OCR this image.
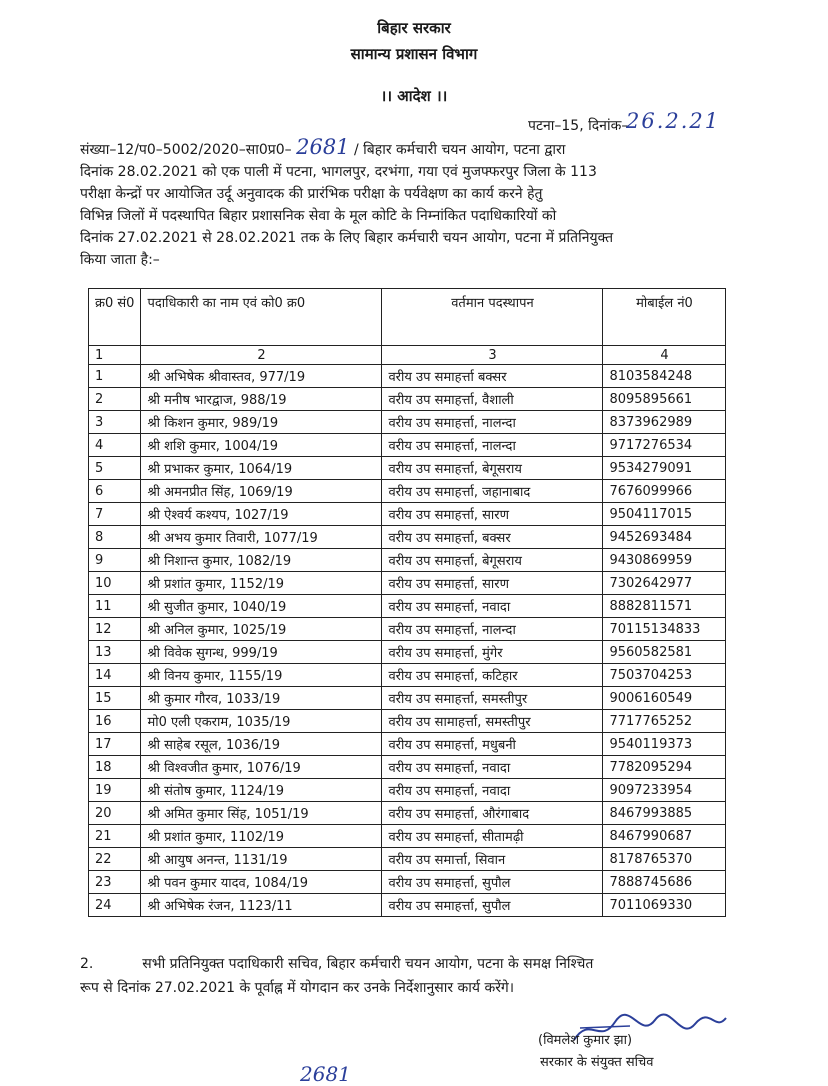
बिहार सरकार
सामान्य प्रशासन विभाग
।। आदेश ।।
पटना–15, दिनांक–
26.2.21
संख्या–12/प0–5002/2020–सा0प्र0– 2681 / बिहार कर्मचारी चयन आयोग, पटना द्वारा
दिनांक 28.02.2021 को एक पाली में पटना, भागलपुर, दरभंगा, गया एवं मुजफ्फरपुर जिला के 113
परीक्षा केन्द्रों पर आयोजित उर्दू अनुवादक की प्रारंभिक परीक्षा के पर्यवेक्षण का कार्य करने हेतु
विभिन्न जिलों में पदस्थापित बिहार प्रशासनिक सेवा के मूल कोटि के निम्नांकित पदाधिकारियों को
दिनांक 27.02.2021 से 28.02.2021 तक के लिए बिहार कर्मचारी चयन आयोग, पटना में प्रतिनियुक्त
किया जाता है:–
क्र0 सं0	पदाधिकारी का नाम एवं को0 क्र0	वर्तमान पदस्थापन	मोबाईल नं0
1	2	3	4
1	श्री अभिषेक श्रीवास्तव, 977/19	वरीय उप समाहर्त्ता बक्सर	8103584248
2	श्री मनीष भारद्वाज, 988/19	वरीय उप समाहर्त्ता, वैशाली	8095895661
3	श्री किशन कुमार, 989/19	वरीय उप समाहर्त्ता, नालन्दा	8373962989
4	श्री शशि कुमार, 1004/19	वरीय उप समाहर्त्ता, नालन्दा	9717276534
5	श्री प्रभाकर कुमार, 1064/19	वरीय उप समाहर्त्ता, बेगूसराय	9534279091
6	श्री अमनप्रीत सिंह, 1069/19	वरीय उप समाहर्त्ता, जहानाबाद	7676099966
7	श्री ऐश्वर्य कश्यप, 1027/19	वरीय उप समाहर्त्ता, सारण	9504117015
8	श्री अभय कुमार तिवारी, 1077/19	वरीय उप समाहर्त्ता, बक्सर	9452693484
9	श्री निशान्त कुमार, 1082/19	वरीय उप समाहर्त्ता, बेगूसराय	9430869959
10	श्री प्रशांत कुमार, 1152/19	वरीय उप समाहर्त्ता, सारण	7302642977
11	श्री सुजीत कुमार, 1040/19	वरीय उप समाहर्त्ता, नवादा	8882811571
12	श्री अनिल कुमार, 1025/19	वरीय उप समाहर्त्ता, नालन्दा	70115134833
13	श्री विवेक सुगन्ध, 999/19	वरीय उप समाहर्त्ता, मुंगेर	9560582581
14	श्री विनय कुमार, 1155/19	वरीय उप समाहर्त्ता, कटिहार	7503704253
15	श्री कुमार गौरव, 1033/19	वरीय उप समाहर्त्ता, समस्तीपुर	9006160549
16	मो0 एली एकराम, 1035/19	वरीय उप सामाहर्त्ता, समस्तीपुर	7717765252
17	श्री साहेब रसूल, 1036/19	वरीय उप समाहर्त्ता, मधुबनी	9540119373
18	श्री विश्वजीत कुमार, 1076/19	वरीय उप समाहर्त्ता, नवादा	7782095294
19	श्री संतोष कुमार, 1124/19	वरीय उप समाहर्त्ता, नवादा	9097233954
20	श्री अमित कुमार सिंह, 1051/19	वरीय उप समाहर्त्ता, औरंगाबाद	8467993885
21	श्री प्रशांत कुमार, 1102/19	वरीय उप समाहर्त्ता, सीतामढ़ी	8467990687
22	श्री आयुष अनन्त, 1131/19	वरीय उप समार्त्ता, सिवान	8178765370
23	श्री पवन कुमार यादव, 1084/19	वरीय उप समाहर्त्ता, सुपौल	7888745686
24	श्री अभिषेक रंजन, 1123/11	वरीय उप समाहर्त्ता, सुपौल	7011069330
2.	सभी प्रतिनियुक्त पदाधिकारी सचिव, बिहार कर्मचारी चयन आयोग, पटना के समक्ष निश्चित
रूप से दिनांक 27.02.2021 के पूर्वाह्न में योगदान कर उनके निर्देशानुसार कार्य करेंगे।
(विमलेश कुमार झा)
सरकार के संयुक्त सचिव
2681
